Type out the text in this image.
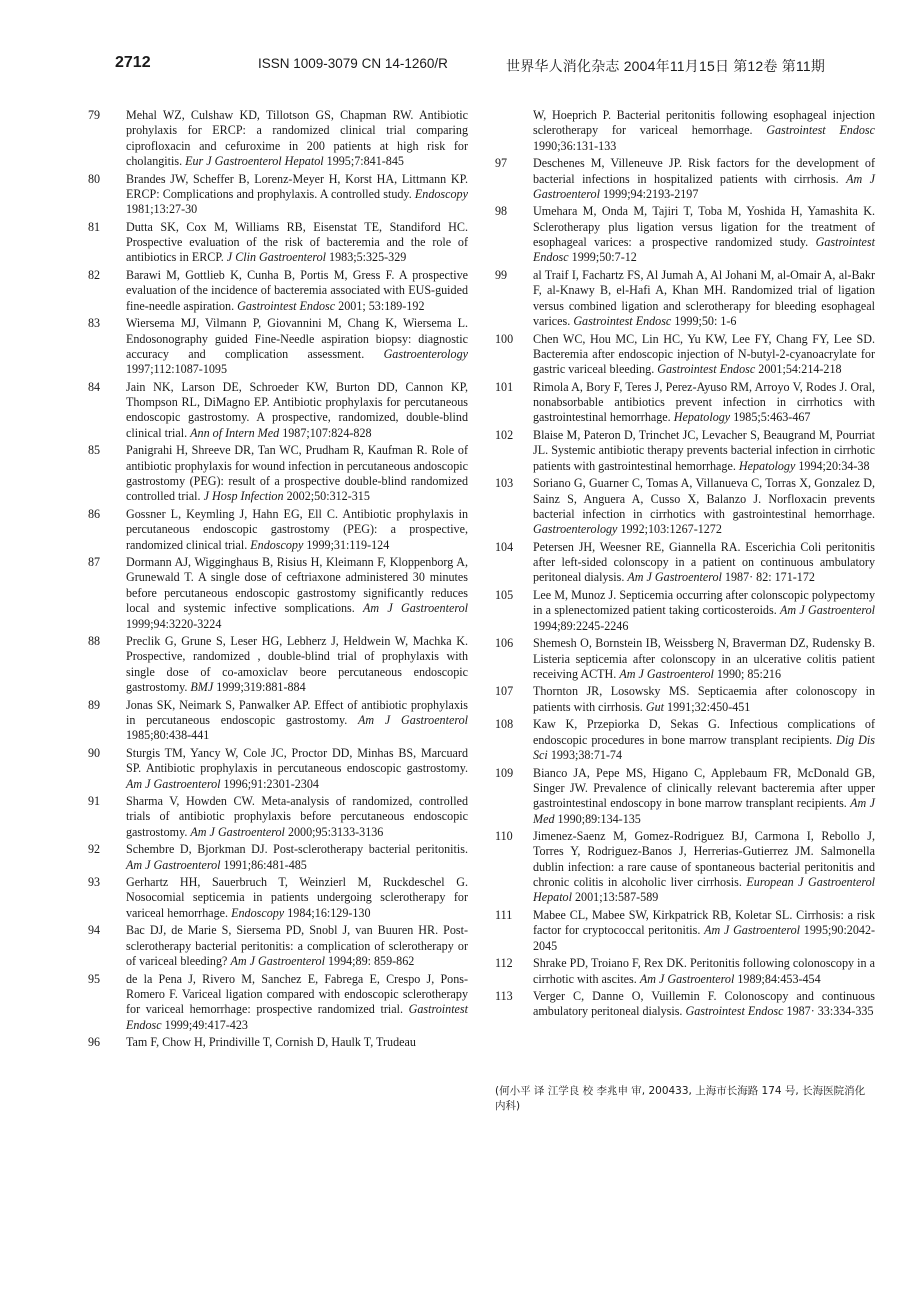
2712	ISSN 1009-3079 CN 14-1260/R	世界华人消化杂志 2004年11月15日 第12卷 第11期
79	Mehal WZ, Culshaw KD, Tillotson GS, Chapman RW. Antibiotic prohylaxis for ERCP: a randomized clinical trial comparing ciprofloxacin and cefuroxime in 200 patients at high risk for cholangitis. Eur J Gastroenterol Hepatol 1995;7:841-845
80	Brandes JW, Scheffer B, Lorenz-Meyer H, Korst HA, Littmann KP. ERCP: Complications and prophylaxis. A controlled study. Endoscopy 1981;13:27-30
81	Dutta SK, Cox M, Williams RB, Eisenstat TE, Standiford HC. Prospective evaluation of the risk of bacteremia and the role of antibiotics in ERCP. J Clin Gastroenterol 1983;5:325-329
82	Barawi M, Gottlieb K, Cunha B, Portis M, Gress F. A prospective evaluation of the incidence of bacteremia associated with EUS-guided fine-needle aspiration. Gastrointest Endosc 2001; 53:189-192
83	Wiersema MJ, Vilmann P, Giovannini M, Chang K, Wiersema L. Endosonography guided Fine-Needle aspiration biopsy: diagnostic accuracy and complication assessment. Gastroenterology 1997;112:1087-1095
84	Jain NK, Larson DE, Schroeder KW, Burton DD, Cannon KP, Thompson RL, DiMagno EP. Antibiotic prophylaxis for percutaneous endoscopic gastrostomy. A prospective, randomized, double-blind clinical trial. Ann of Intern Med 1987;107:824-828
85	Panigrahi H, Shreeve DR, Tan WC, Prudham R, Kaufman R. Role of antibiotic prophylaxis for wound infection in percutaneous andoscopic gastrostomy (PEG): result of a prospective double-blind randomized controlled trial. J Hosp Infection 2002;50:312-315
86	Gossner L, Keymling J, Hahn EG, Ell C. Antibiotic prophylaxis in percutaneous endoscopic gastrostomy (PEG): a prospective, randomized clinical trial. Endoscopy 1999;31:119-124
87	Dormann AJ, Wigginghaus B, Risius H, Kleimann F, Kloppenborg A, Grunewald T. A single dose of ceftriaxone administered 30 minutes before percutaneous endoscopic gastrostomy significantly reduces local and systemic infective somplications. Am J Gastroenterol 1999;94:3220-3224
88	Preclik G, Grune S, Leser HG, Lebherz J, Heldwein W, Machka K. Prospective, randomized , double-blind trial of prophylaxis with single dose of co-amoxiclav beore percutaneous endoscopic gastrostomy. BMJ 1999;319:881-884
89	Jonas SK, Neimark S, Panwalker AP. Effect of antibiotic prophylaxis in percutaneous endoscopic gastrostomy. Am J Gastroenterol 1985;80:438-441
90	Sturgis TM, Yancy W, Cole JC, Proctor DD, Minhas BS, Marcuard SP. Antibiotic prophylaxis in percutaneous endoscopic gastrostomy. Am J Gastroenterol 1996;91:2301-2304
91	Sharma V, Howden CW. Meta-analysis of randomized, controlled trials of antibiotic prophylaxis before percutaneous endoscopic gastrostomy. Am J Gastroenterol 2000;95:3133-3136
92	Schembre D, Bjorkman DJ. Post-sclerotherapy bacterial peritonitis. Am J Gastroenterol 1991;86:481-485
93	Gerhartz HH, Sauerbruch T, Weinzierl M, Ruckdeschel G. Nosocomial septicemia in patients undergoing sclerotherapy for variceal hemorrhage. Endoscopy 1984;16:129-130
94	Bac DJ, de Marie S, Siersema PD, Snobl J, van Buuren HR. Post-sclerotherapy bacterial peritonitis: a complication of sclerotherapy or of variceal bleeding? Am J Gastroenterol 1994;89: 859-862
95	de la Pena J, Rivero M, Sanchez E, Fabrega E, Crespo J, Pons-Romero F. Variceal ligation compared with endoscopic sclerotherapy for variceal hemorrhage: prospective randomized trial. Gastrointest Endosc 1999;49:417-423
96	Tam F, Chow H, Prindiville T, Cornish D, Haulk T, Trudeau
W, Hoeprich P. Bacterial peritonitis following esophageal injection sclerotherapy for variceal hemorrhage. Gastrointest Endosc 1990;36:131-133
97	Deschenes M, Villeneuve JP. Risk factors for the development of bacterial infections in hospitalized patients with cirrhosis. Am J Gastroenterol 1999;94:2193-2197
98	Umehara M, Onda M, Tajiri T, Toba M, Yoshida H, Yamashita K. Sclerotherapy plus ligation versus ligation for the treatment of esophageal varices: a prospective randomized study. Gastrointest Endosc 1999;50:7-12
99	al Traif I, Fachartz FS, Al Jumah A, Al Johani M, al-Omair A, al-Bakr F, al-Knawy B, el-Hafi A, Khan MH. Randomized trial of ligation versus combined ligation and sclerotherapy for bleeding esophageal varices. Gastrointest Endosc 1999;50: 1-6
100	Chen WC, Hou MC, Lin HC, Yu KW, Lee FY, Chang FY, Lee SD. Bacteremia after endoscopic injection of N-butyl-2-cyanoacrylate for gastric variceal bleeding. Gastrointest Endosc 2001;54:214-218
101	Rimola A, Bory F, Teres J, Perez-Ayuso RM, Arroyo V, Rodes J. Oral, nonabsorbable antibiotics prevent infection in cirrhotics with gastrointestinal hemorrhage. Hepatology 1985;5:463-467
102	Blaise M, Pateron D, Trinchet JC, Levacher S, Beaugrand M, Pourriat JL. Systemic antibiotic therapy prevents bacterial infection in cirrhotic patients with gastrointestinal hemorrhage. Hepatology 1994;20:34-38
103	Soriano G, Guarner C, Tomas A, Villanueva C, Torras X, Gonzalez D, Sainz S, Anguera A, Cusso X, Balanzo J. Norfloxacin prevents bacterial infection in cirrhotics with gastrointestinal hemorrhage. Gastroenterology 1992;103:1267-1272
104	Petersen JH, Weesner RE, Giannella RA. Escerichia Coli peritonitis after left-sided colonscopy in a patient on continuous ambulatory peritoneal dialysis. Am J Gastroenterol 1987· 82: 171-172
105	Lee M, Munoz J. Septicemia occurring after colonscopic polypectomy in a splenectomized patient taking corticosteroids. Am J Gastroenterol 1994;89:2245-2246
106	Shemesh O, Bornstein IB, Weissberg N, Braverman DZ, Rudensky B. Listeria septicemia after colonscopy in an ulcerative colitis patient receiving ACTH. Am J Gastroenterol 1990; 85:216
107	Thornton JR, Losowsky MS. Septicaemia after colonoscopy in patients with cirrhosis. Gut 1991;32:450-451
108	Kaw K, Przepiorka D, Sekas G. Infectious complications of endoscopic procedures in bone marrow transplant recipients. Dig Dis Sci 1993;38:71-74
109	Bianco JA, Pepe MS, Higano C, Applebaum FR, McDonald GB, Singer JW. Prevalence of clinically relevant bacteremia after upper gastrointestinal endoscopy in bone marrow transplant recipients. Am J Med 1990;89:134-135
110	Jimenez-Saenz M, Gomez-Rodriguez BJ, Carmona I, Rebollo J, Torres Y, Rodriguez-Banos J, Herrerias-Gutierrez JM. Salmonella dublin infection: a rare cause of spontaneous bacterial peritonitis and chronic colitis in alcoholic liver cirrhosis. European J Gastroenterol Hepatol 2001;13:587-589
111	Mabee CL, Mabee SW, Kirkpatrick RB, Koletar SL. Cirrhosis: a risk factor for cryptococcal peritonitis. Am J Gastroenterol 1995;90:2042-2045
112	Shrake PD, Troiano F, Rex DK. Peritonitis following colonoscopy in a cirrhotic with ascites. Am J Gastroenterol 1989;84:453-454
113	Verger C, Danne O, Vuillemin F. Colonoscopy and continuous ambulatory peritoneal dialysis. Gastrointest Endosc 1987· 33:334-335
(何小平 译 江学良 校 李兆申 审, 200433, 上海市长海路 174 号, 长海医院消化内科)
